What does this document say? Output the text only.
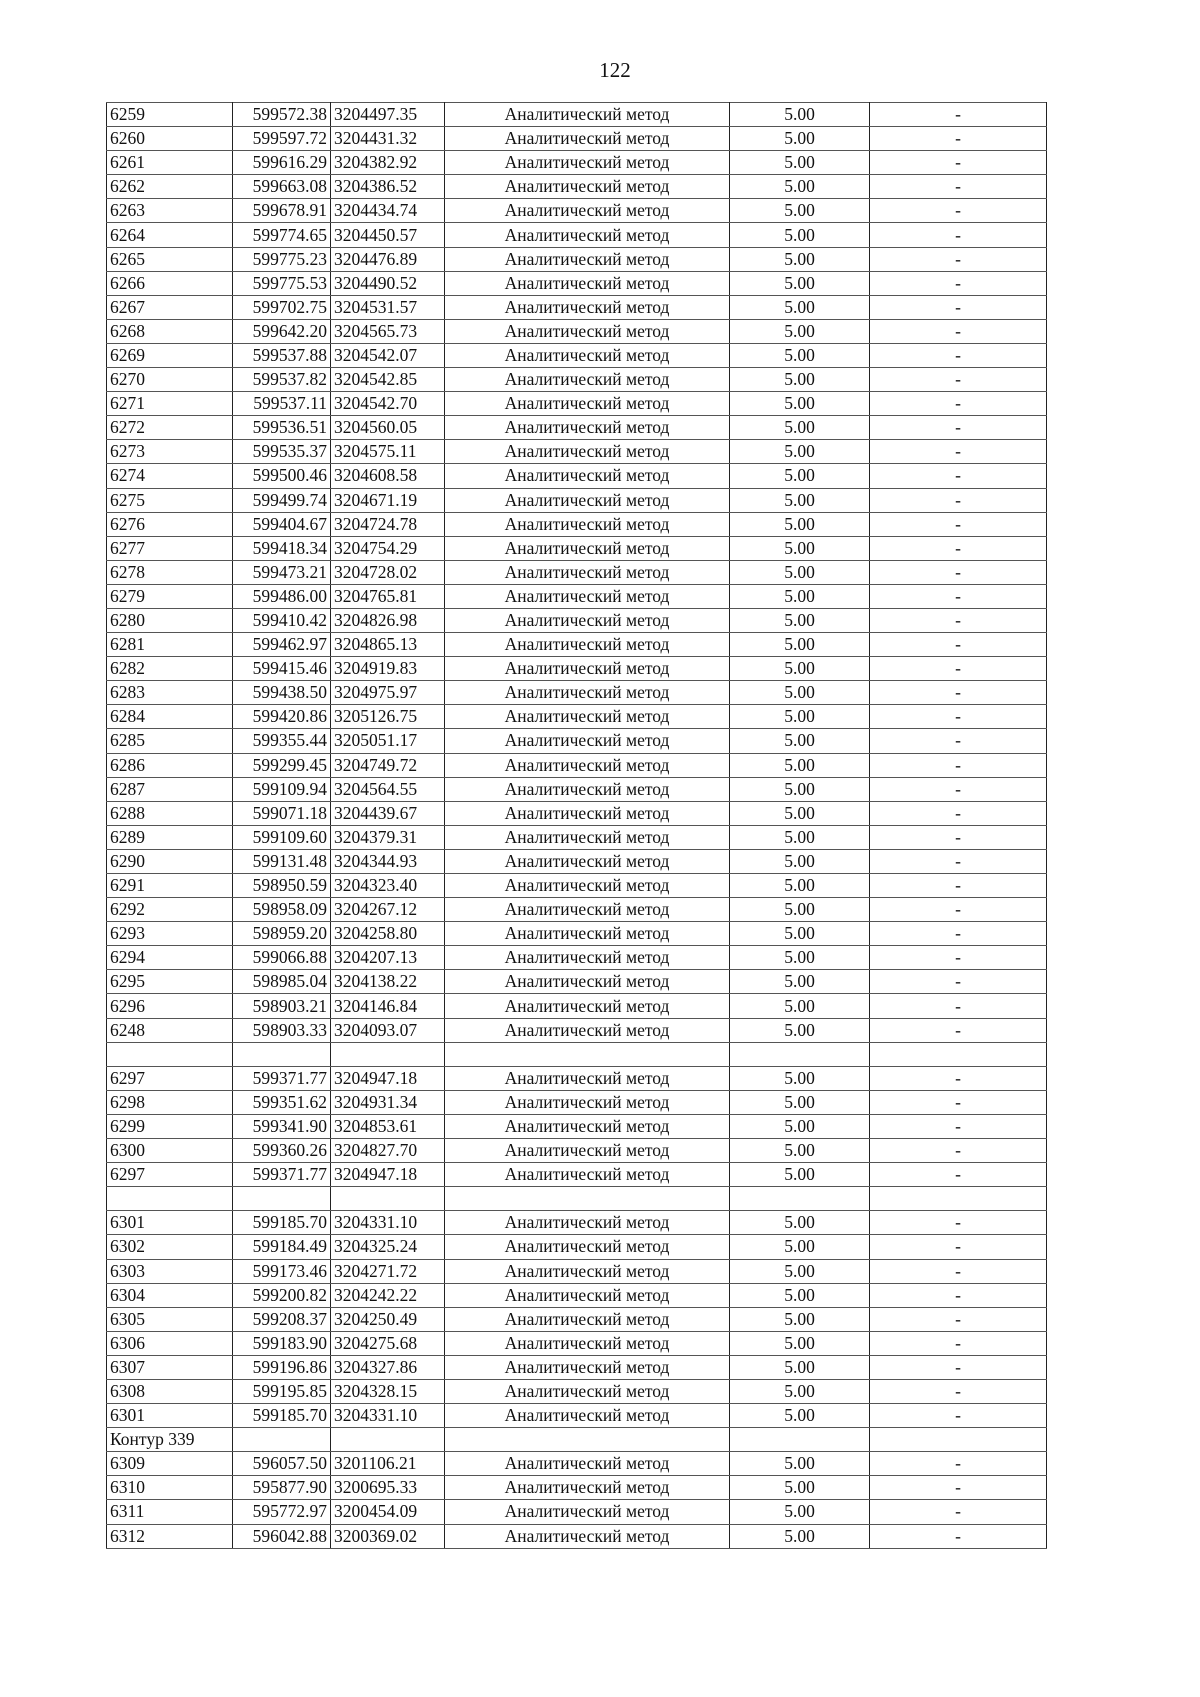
122
6259	599572.38	3204497.35	Аналитический метод	5.00	-
6260	599597.72	3204431.32	Аналитический метод	5.00	-
6261	599616.29	3204382.92	Аналитический метод	5.00	-
6262	599663.08	3204386.52	Аналитический метод	5.00	-
6263	599678.91	3204434.74	Аналитический метод	5.00	-
6264	599774.65	3204450.57	Аналитический метод	5.00	-
6265	599775.23	3204476.89	Аналитический метод	5.00	-
6266	599775.53	3204490.52	Аналитический метод	5.00	-
6267	599702.75	3204531.57	Аналитический метод	5.00	-
6268	599642.20	3204565.73	Аналитический метод	5.00	-
6269	599537.88	3204542.07	Аналитический метод	5.00	-
6270	599537.82	3204542.85	Аналитический метод	5.00	-
6271	599537.11	3204542.70	Аналитический метод	5.00	-
6272	599536.51	3204560.05	Аналитический метод	5.00	-
6273	599535.37	3204575.11	Аналитический метод	5.00	-
6274	599500.46	3204608.58	Аналитический метод	5.00	-
6275	599499.74	3204671.19	Аналитический метод	5.00	-
6276	599404.67	3204724.78	Аналитический метод	5.00	-
6277	599418.34	3204754.29	Аналитический метод	5.00	-
6278	599473.21	3204728.02	Аналитический метод	5.00	-
6279	599486.00	3204765.81	Аналитический метод	5.00	-
6280	599410.42	3204826.98	Аналитический метод	5.00	-
6281	599462.97	3204865.13	Аналитический метод	5.00	-
6282	599415.46	3204919.83	Аналитический метод	5.00	-
6283	599438.50	3204975.97	Аналитический метод	5.00	-
6284	599420.86	3205126.75	Аналитический метод	5.00	-
6285	599355.44	3205051.17	Аналитический метод	5.00	-
6286	599299.45	3204749.72	Аналитический метод	5.00	-
6287	599109.94	3204564.55	Аналитический метод	5.00	-
6288	599071.18	3204439.67	Аналитический метод	5.00	-
6289	599109.60	3204379.31	Аналитический метод	5.00	-
6290	599131.48	3204344.93	Аналитический метод	5.00	-
6291	598950.59	3204323.40	Аналитический метод	5.00	-
6292	598958.09	3204267.12	Аналитический метод	5.00	-
6293	598959.20	3204258.80	Аналитический метод	5.00	-
6294	599066.88	3204207.13	Аналитический метод	5.00	-
6295	598985.04	3204138.22	Аналитический метод	5.00	-
6296	598903.21	3204146.84	Аналитический метод	5.00	-
6248	598903.33	3204093.07	Аналитический метод	5.00	-

6297	599371.77	3204947.18	Аналитический метод	5.00	-
6298	599351.62	3204931.34	Аналитический метод	5.00	-
6299	599341.90	3204853.61	Аналитический метод	5.00	-
6300	599360.26	3204827.70	Аналитический метод	5.00	-
6297	599371.77	3204947.18	Аналитический метод	5.00	-

6301	599185.70	3204331.10	Аналитический метод	5.00	-
6302	599184.49	3204325.24	Аналитический метод	5.00	-
6303	599173.46	3204271.72	Аналитический метод	5.00	-
6304	599200.82	3204242.22	Аналитический метод	5.00	-
6305	599208.37	3204250.49	Аналитический метод	5.00	-
6306	599183.90	3204275.68	Аналитический метод	5.00	-
6307	599196.86	3204327.86	Аналитический метод	5.00	-
6308	599195.85	3204328.15	Аналитический метод	5.00	-
6301	599185.70	3204331.10	Аналитический метод	5.00	-
Контур 339					
6309	596057.50	3201106.21	Аналитический метод	5.00	-
6310	595877.90	3200695.33	Аналитический метод	5.00	-
6311	595772.97	3200454.09	Аналитический метод	5.00	-
6312	596042.88	3200369.02	Аналитический метод	5.00	-
